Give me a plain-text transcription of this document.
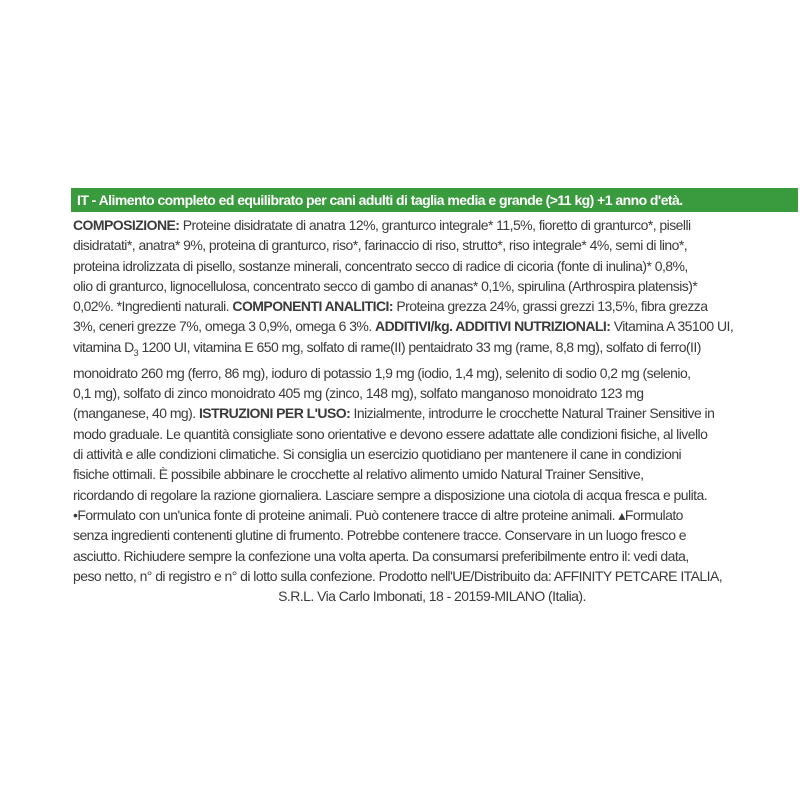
IT - Alimento completo ed equilibrato per cani adulti di taglia media e grande (>11 kg) +1 anno d'età.
COMPOSIZIONE: Proteine disidratate di anatra 12%, granturco integrale* 11,5%, fioretto di granturco*, piselli
disidratati*, anatra* 9%, proteina di granturco, riso*, farinaccio di riso, strutto*, riso integrale* 4%, semi di lino*,
proteina idrolizzata di pisello, sostanze minerali, concentrato secco di radice di cicoria (fonte di inulina)* 0,8%,
olio di granturco, lignocellulosa, concentrato secco di gambo di ananas* 0,1%, spirulina (Arthrospira platensis)*
0,02%. *Ingredienti naturali. COMPONENTI ANALITICI: Proteina grezza 24%, grassi grezzi 13,5%, fibra grezza
3%, ceneri grezze 7%, omega 3 0,9%, omega 6 3%. ADDITIVI/kg. ADDITIVI NUTRIZIONALI: Vitamina A 35100 UI,
vitamina $D_3$ 1200 UI, vitamina E 650 mg, solfato di rame(II) pentaidrato 33 mg (rame, 8,8 mg), solfato di ferro(II)
monoidrato 260 mg (ferro, 86 mg), ioduro di potassio 1,9 mg (iodio, 1,4 mg), selenito di sodio 0,2 mg (selenio,
0,1 mg), solfato di zinco monoidrato 405 mg (zinco, 148 mg), solfato manganoso monoidrato 123 mg
(manganese, 40 mg). ISTRUZIONI PER L'USO: Inizialmente, introdurre le crocchette Natural Trainer Sensitive in
modo graduale. Le quantità consigliate sono orientative e devono essere adattate alle condizioni fisiche, al livello
di attività e alle condizioni climatiche. Si consiglia un esercizio quotidiano per mantenere il cane in condizioni
fisiche ottimali. È possibile abbinare le crocchette al relativo alimento umido Natural Trainer Sensitive,
ricordando di regolare la razione giornaliera. Lasciare sempre a disposizione una ciotola di acqua fresca e pulita.
•Formulato con un'unica fonte di proteine animali. Può contenere tracce di altre proteine animali. ▴Formulato
senza ingredienti contenenti glutine di frumento. Potrebbe contenere tracce. Conservare in un luogo fresco e
asciutto. Richiudere sempre la confezione una volta aperta. Da consumarsi preferibilmente entro il: vedi data,
peso netto, n° di registro e n° di lotto sulla confezione. Prodotto nell'UE/Distribuito da: AFFINITY PETCARE ITALIA,
S.R.L. Via Carlo Imbonati, 18 - 20159-MILANO (Italia).
